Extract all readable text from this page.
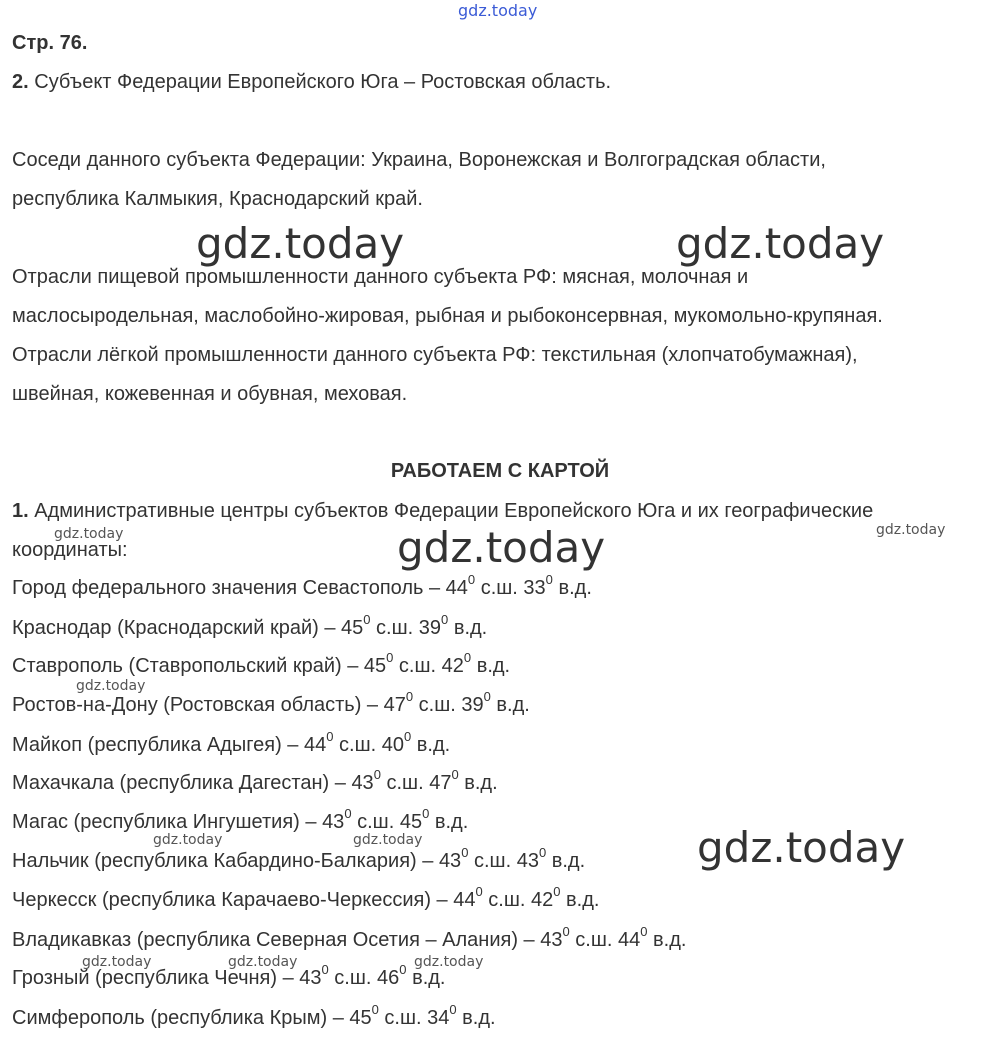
Стр. 76.
2. Субъект Федерации Европейского Юга – Ростовская область.
Соседи данного субъекта Федерации: Украина, Воронежская и Волгоградская области,
республика Калмыкия, Краснодарский край.
Отрасли пищевой промышленности данного субъекта РФ: мясная, молочная и
маслосыродельная, маслобойно-жировая, рыбная и рыбоконсервная, мукомольно-крупяная.
Отрасли лёгкой промышленности данного субъекта РФ: текстильная (хлопчатобумажная),
швейная, кожевенная и обувная, меховая.
РАБОТАЕМ С КАРТОЙ
1. Административные центры субъектов Федерации Европейского Юга и их географические
координаты:
Город федерального значения Севастополь – $44^0$ с.ш. $33^0$ в.д.
Краснодар (Краснодарский край) – $45^0$ с.ш. $39^0$ в.д.
Ставрополь (Ставропольский край) – $45^0$ с.ш. $42^0$ в.д.
Ростов-на-Дону (Ростовская область) – $47^0$ с.ш. $39^0$ в.д.
Майкоп (республика Адыгея) – $44^0$ с.ш. $40^0$ в.д.
Махачкала (республика Дагестан) – $43^0$ с.ш. $47^0$ в.д.
Магас (республика Ингушетия) – $43^0$ с.ш. $45^0$ в.д.
Нальчик (республика Кабардино-Балкария) – $43^0$ с.ш. $43^0$ в.д.
Черкесск (республика Карачаево-Черкессия) – $44^0$ с.ш. $42^0$ в.д.
Владикавказ (республика Северная Осетия – Алания) – $43^0$ с.ш. $44^0$ в.д.
Грозный (республика Чечня) – $43^0$ с.ш. $46^0$ в.д.
Симферополь (республика Крым) – $45^0$ с.ш. $34^0$ в.д.
gdz.today
gdz.today	gdz.today
gdz.today	gdz.today	gdz.today
gdz.today
gdz.today	gdz.today	gdz.today
gdz.today	gdz.today	gdz.today
